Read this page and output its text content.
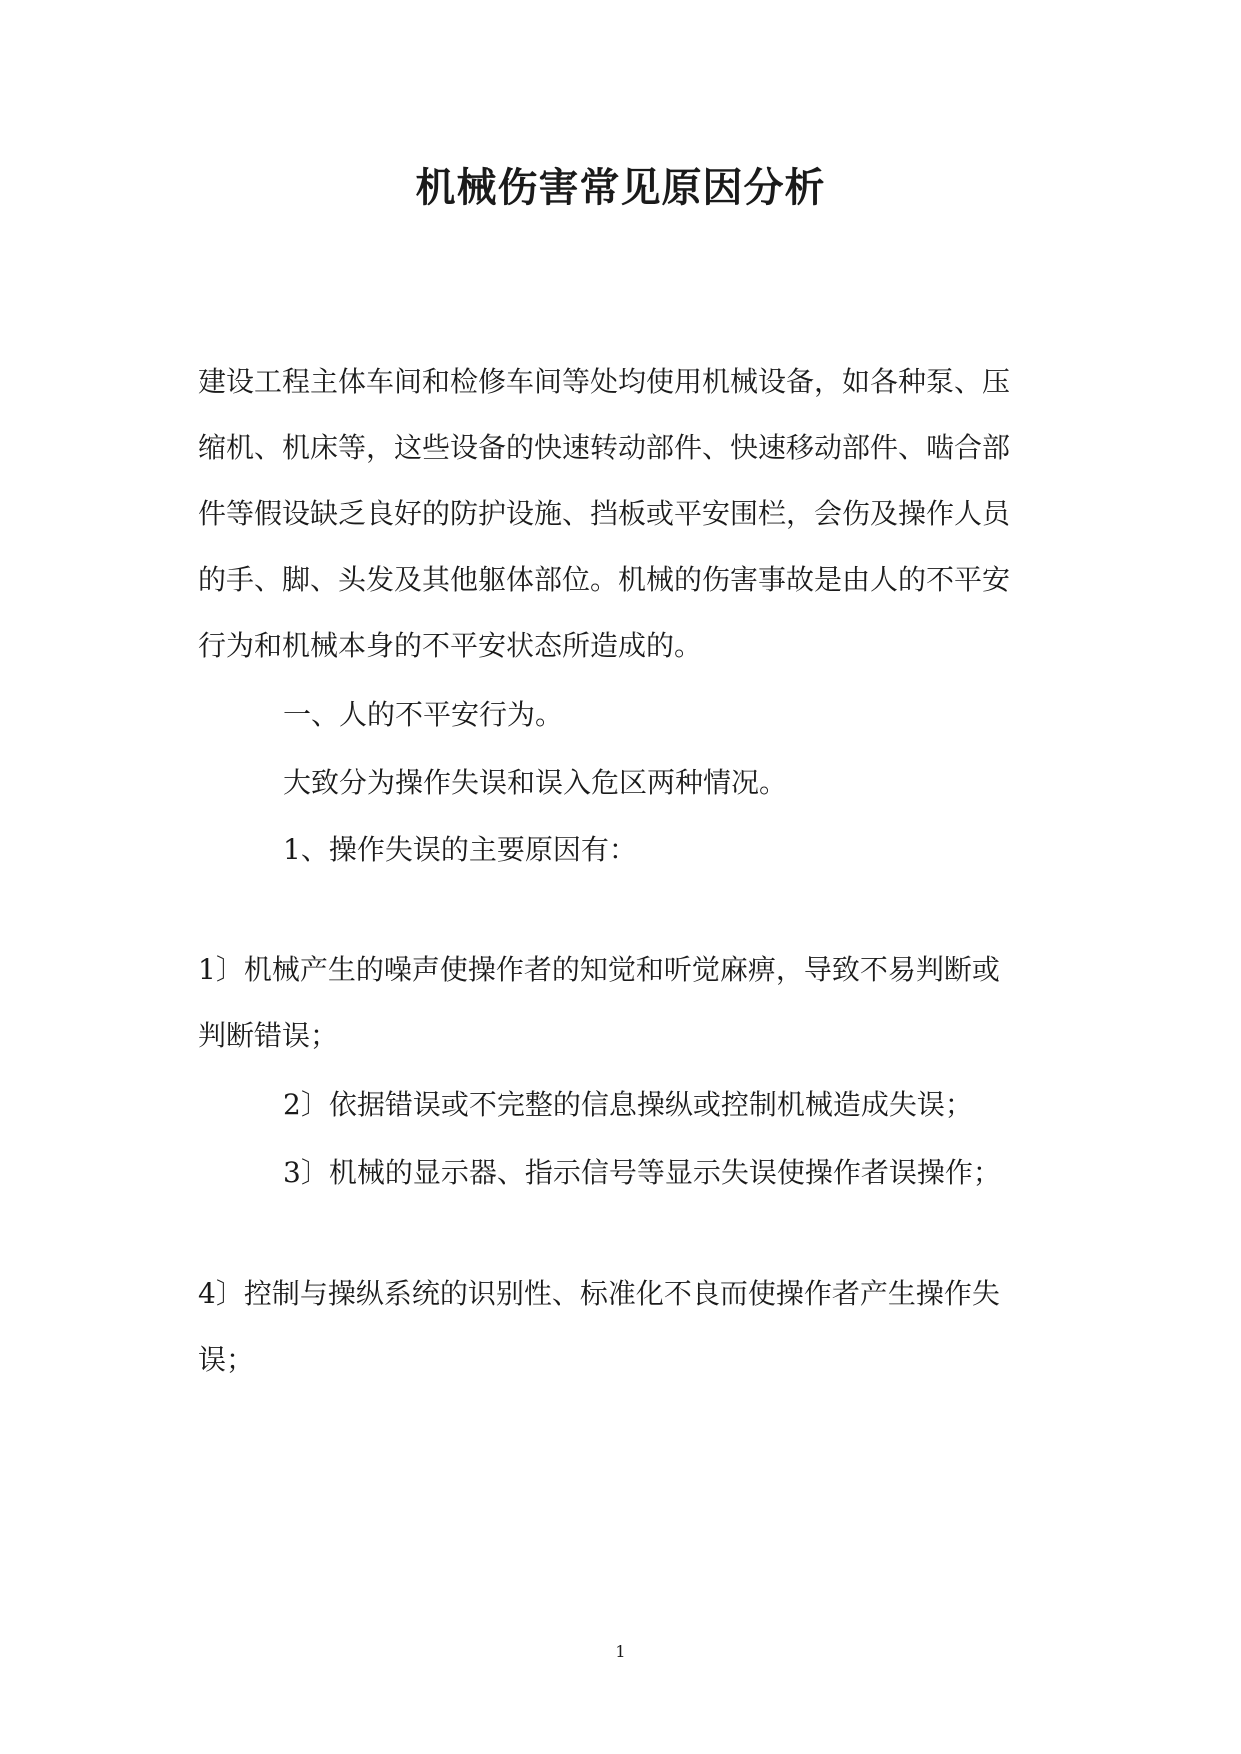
机械伤害常见原因分析
建设工程主体车间和检修车间等处均使用机械设备，如各种泵、压
缩机、机床等，这些设备的快速转动部件、快速移动部件、啮合部
件等假设缺乏良好的防护设施、挡板或平安围栏，会伤及操作人员
的手、脚、头发及其他躯体部位。机械的伤害事故是由人的不平安
行为和机械本身的不平安状态所造成的。
一、人的不平安行为。
大致分为操作失误和误入危区两种情况。
1、操作失误的主要原因有：
1〕机械产生的噪声使操作者的知觉和听觉麻痹，导致不易判断或
判断错误；
2〕依据错误或不完整的信息操纵或控制机械造成失误；
3〕机械的显示器、指示信号等显示失误使操作者误操作；
4〕控制与操纵系统的识别性、标准化不良而使操作者产生操作失
误；
1
